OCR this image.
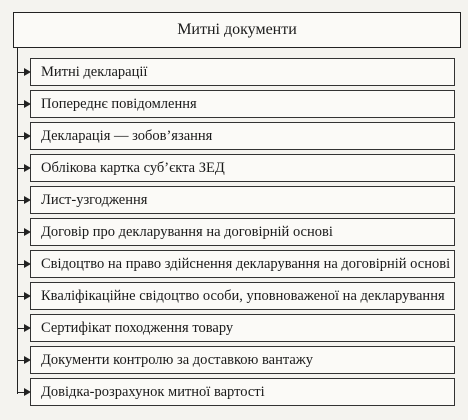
Митні документи
Митні декларації
Попереднє повідомлення
Декларація — зобов’язання
Облікова картка суб’єкта ЗЕД
Лист-узгодження
Договір про декларування на договірній основі
Свідоцтво на право здійснення декларування на договірній основі
Кваліфікаційне свідоцтво особи, уповноваженої на декларування
Сертифікат походження товару
Документи контролю за доставкою вантажу
Довідка-розрахунок митної вартості
